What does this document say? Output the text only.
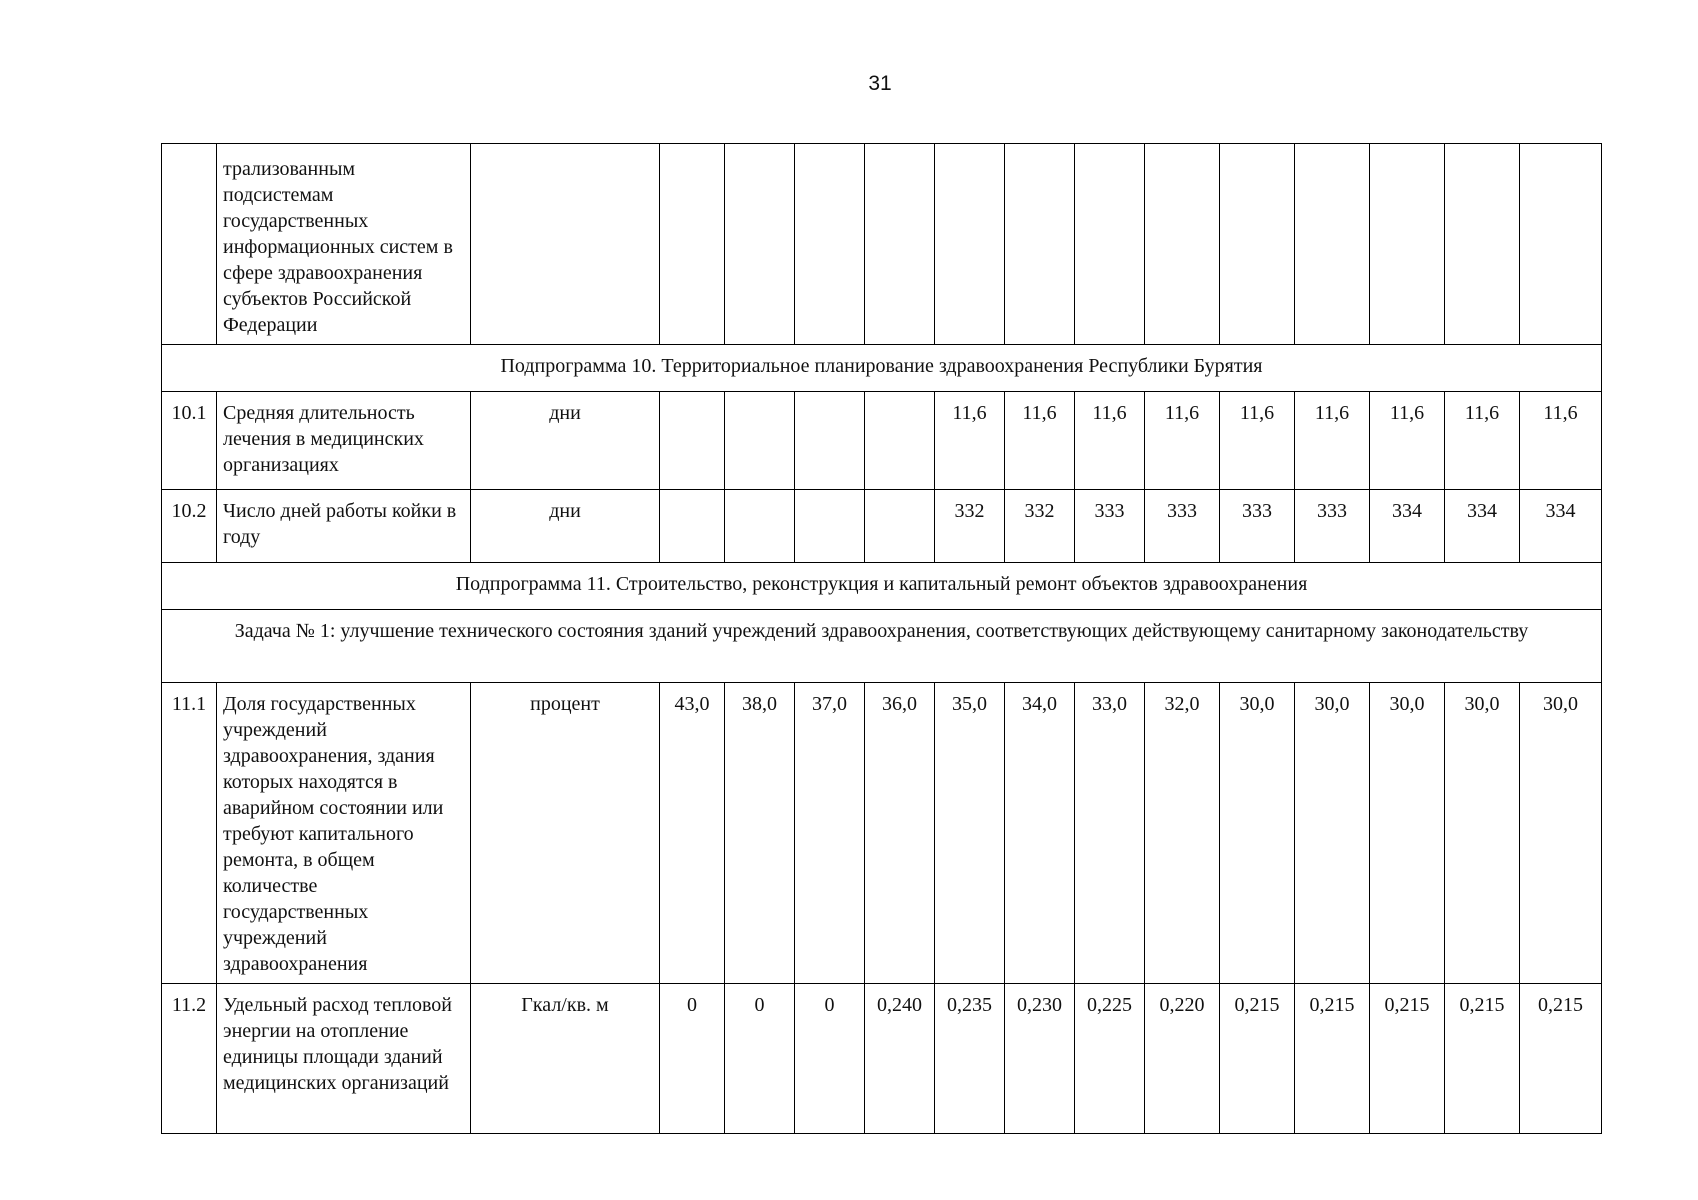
31
	трализованным подсистемам государственных информационных систем в сфере здравоохранения субъектов Российской Федерации														
Подпрограмма 10. Территориальное планирование здравоохранения Республики Бурятия															
10.1	Средняя длительность лечения в медицинских организациях	дни					11,6	11,6	11,6	11,6	11,6	11,6	11,6	11,6	11,6
10.2	Число дней работы койки в году	дни					332	332	333	333	333	333	334	334	334
Подпрограмма 11. Строительство, реконструкция и капитальный ремонт объектов здравоохранения															
Задача № 1: улучшение технического состояния зданий учреждений здравоохранения, соответствующих действующему санитарному законодательству															
11.1	Доля государственных учреждений здравоохранения, здания которых находятся в аварийном состоянии или требуют капитального ремонта, в общем количестве государственных учреждений здравоохранения	процент	43,0	38,0	37,0	36,0	35,0	34,0	33,0	32,0	30,0	30,0	30,0	30,0	30,0
11.2	Удельный расход тепловой энергии на отопление единицы площади зданий медицинских организаций	Гкал/кв. м	0	0	0	0,240	0,235	0,230	0,225	0,220	0,215	0,215	0,215	0,215	0,215
